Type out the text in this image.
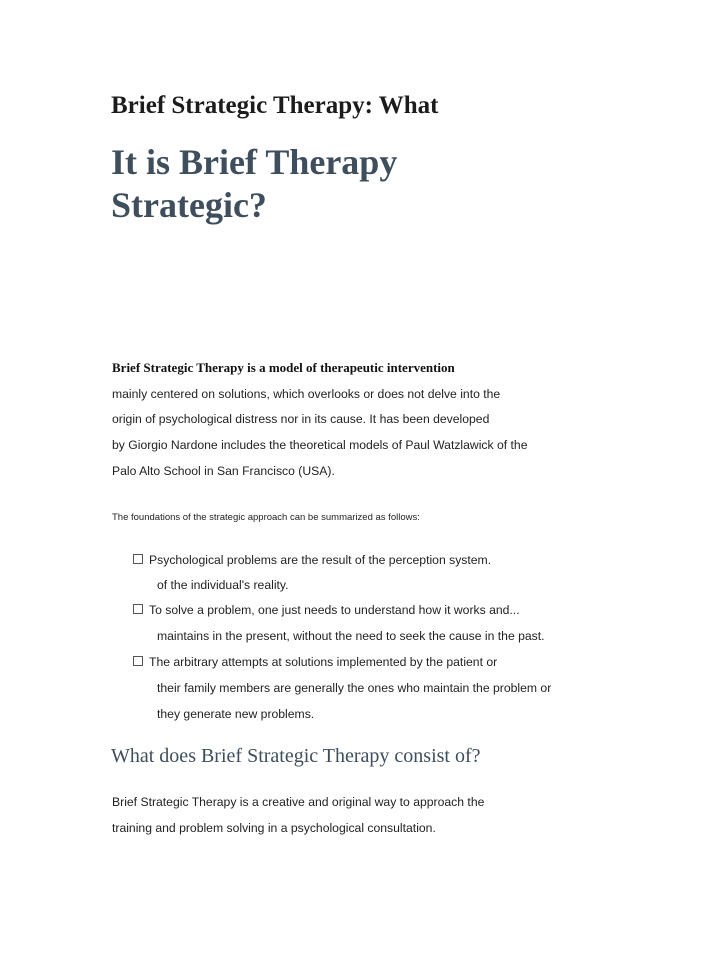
Brief Strategic Therapy: What
It is Brief Therapy
Strategic?

Brief Strategic Therapy is a model of therapeutic intervention

mainly centered on solutions, which overlooks or does not delve into the

origin of psychological distress nor in its cause. It has been developed

by Giorgio Nardone includes the theoretical models of Paul Watzlawick of the

Palo Alto School in San Francisco (USA).

The foundations of the strategic approach can be summarized as follows:

Psychological problems are the result of the perception system.
of the individual's reality.
To solve a problem, one just needs to understand how it works and...
maintains in the present, without the need to seek the cause in the past.
The arbitrary attempts at solutions implemented by the patient or
their family members are generally the ones who maintain the problem or
they generate new problems.
What does Brief Strategic Therapy consist of?

Brief Strategic Therapy is a creative and original way to approach the

training and problem solving in a psychological consultation.
